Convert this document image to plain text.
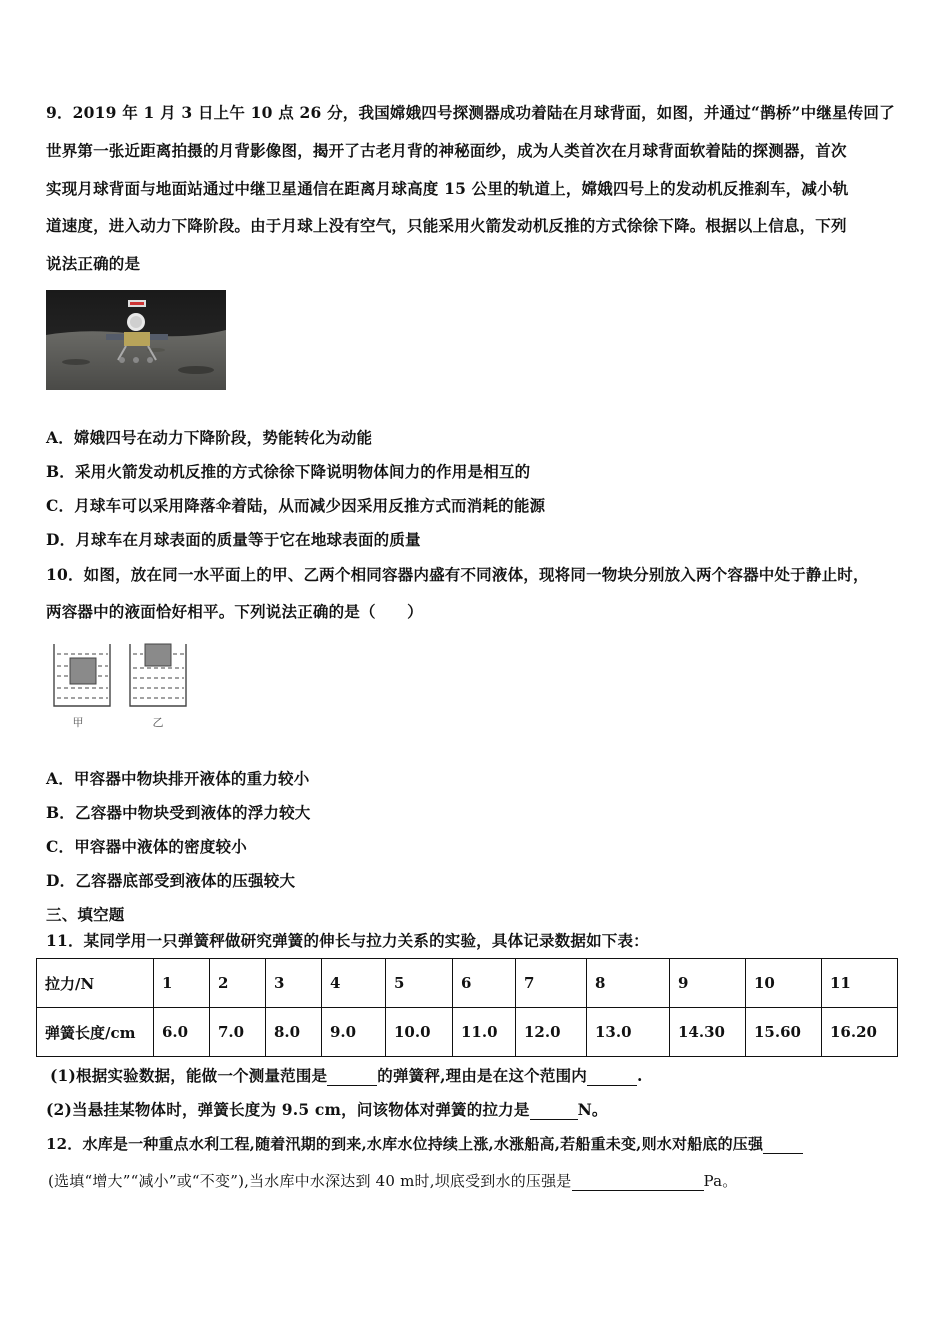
9．2019 年 1 月 3 日上午 10 点 26 分，我国嫦娥四号探测器成功着陆在月球背面，如图，并通过“鹊桥”中继星传回了
世界第一张近距离拍摄的月背影像图，揭开了古老月背的神秘面纱，成为人类首次在月球背面软着陆的探测器，首次
实现月球背面与地面站通过中继卫星通信在距离月球高度 15 公里的轨道上，嫦娥四号上的发动机反推刹车，减小轨
道速度，进入动力下降阶段。由于月球上没有空气，只能采用火箭发动机反推的方式徐徐下降。根据以上信息，下列
说法正确的是
A．嫦娥四号在动力下降阶段，势能转化为动能
B．采用火箭发动机反推的方式徐徐下降说明物体间力的作用是相互的
C．月球车可以采用降落伞着陆，从而减少因采用反推方式而消耗的能源
D．月球车在月球表面的质量等于它在地球表面的质量
10．如图，放在同一水平面上的甲、乙两个相同容器内盛有不同液体，现将同一物块分别放入两个容器中处于静止时，
两容器中的液面恰好相平。下列说法正确的是（　　）
甲	乙
A．甲容器中物块排开液体的重力较小
B．乙容器中物块受到液体的浮力较大
C．甲容器中液体的密度较小
D．乙容器底部受到液体的压强较大
三、填空题
11．某同学用一只弹簧秤做研究弹簧的伸长与拉力关系的实验，具体记录数据如下表：
拉力/N	1	2	3	4	5	6	7	8	9	10	11
弹簧长度/cm	6.0	7.0	8.0	9.0	10.0	11.0	12.0	13.0	14.30	15.60	16.20
(1)根据实验数据，能做一个测量范围是	的弹簧秤,理由是在这个范围内	.
(2)当悬挂某物体时，弹簧长度为 9.5 cm，问该物体对弹簧的拉力是	N。
12．水库是一种重点水利工程,随着汛期的到来,水库水位持续上涨,水涨船高,若船重未变,则水对船底的压强
(选填“增大”“减小”或“不变”),当水库中水深达到 40 m时,坝底受到水的压强是	Pa。
